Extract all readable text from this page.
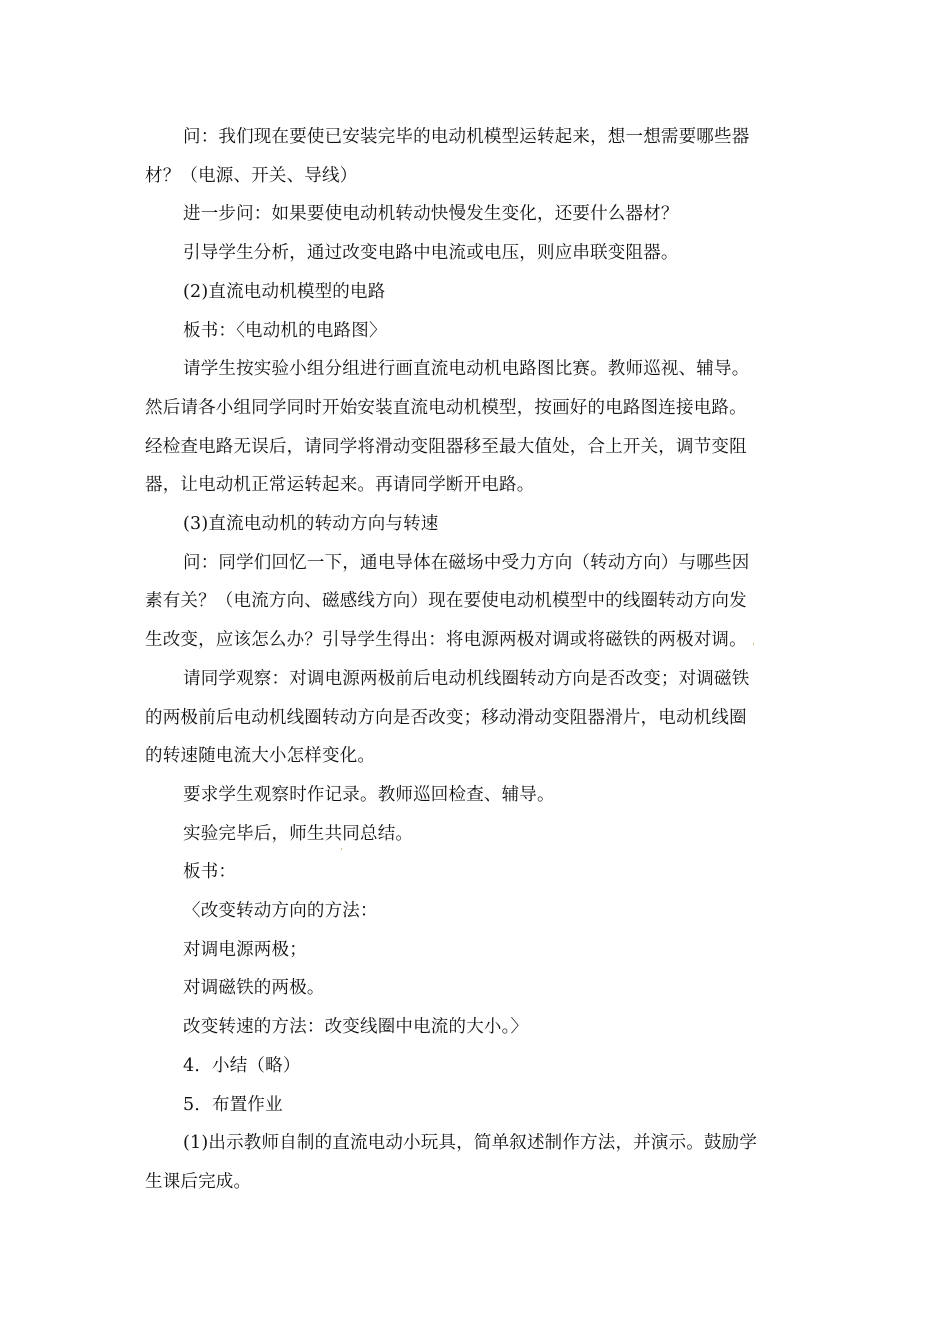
问：我们现在要使已安装完毕的电动机模型运转起来，想一想需要哪些器

材？（电源、开关、导线）

进一步问：如果要使电动机转动快慢发生变化，还要什么器材？

引导学生分析，通过改变电路中电流或电压，则应串联变阻器。

(2)直流电动机模型的电路

板书：〈电动机的电路图〉

请学生按实验小组分组进行画直流电动机电路图比赛。教师巡视、辅导。

然后请各小组同学同时开始安装直流电动机模型，按画好的电路图连接电路。

经检查电路无误后，请同学将滑动变阻器移至最大值处，合上开关，调节变阻

器，让电动机正常运转起来。再请同学断开电路。

(3)直流电动机的转动方向与转速

问：同学们回忆一下，通电导体在磁场中受力方向（转动方向）与哪些因

素有关？（电流方向、磁感线方向）现在要使电动机模型中的线圈转动方向发

生改变，应该怎么办？引导学生得出：将电源两极对调或将磁铁的两极对调。

请同学观察：对调电源两极前后电动机线圈转动方向是否改变；对调磁铁

的两极前后电动机线圈转动方向是否改变；移动滑动变阻器滑片，电动机线圈

的转速随电流大小怎样变化。

要求学生观察时作记录。教师巡回检查、辅导。

实验完毕后，师生共同总结。

板书：

〈改变转动方向的方法：

对调电源两极；

对调磁铁的两极。

改变转速的方法：改变线圈中电流的大小。〉

4．小结（略）

5．布置作业

(1)出示教师自制的直流电动小玩具，简单叙述制作方法，并演示。鼓励学

生课后完成。

'
,
